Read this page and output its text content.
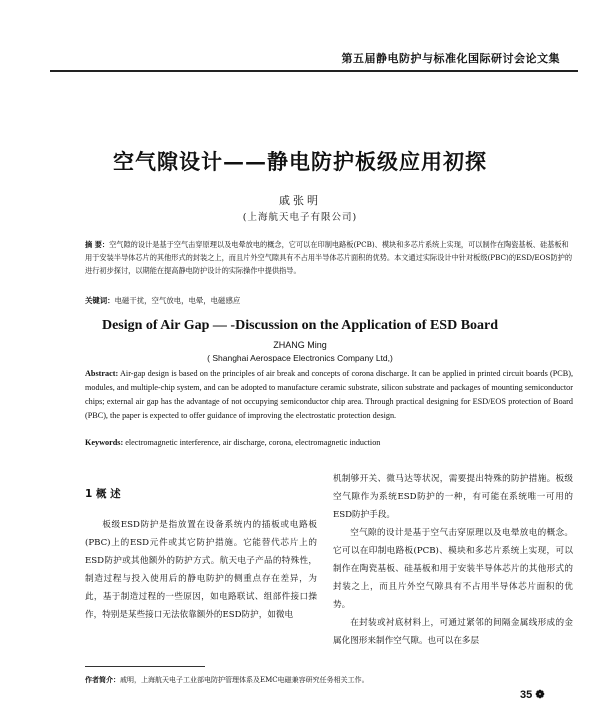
第五届静电防护与标准化国际研讨会论文集
空气隙设计——静电防护板级应用初探
戚张明
(上海航天电子有限公司)
摘 要：空气隙的设计是基于空气击穿原理以及电晕放电的概念，它可以在印制电路板(PCB)、模块和多芯片系统上实现，可以制作在陶瓷基板、硅基板和用于安装半导体芯片的其他形式的封装之上，而且片外空气隙具有不占用半导体芯片面积的优势。本文通过实际设计中针对板级(PBC)的ESD/EOS防护的进行初步探讨，以期能在提高静电防护设计的实际操作中提供指导。
关键词：电磁干扰，空气放电，电晕，电磁感应
Design of Air Gap — -Discussion on the Application of ESD Board
ZHANG Ming
( Shanghai Aerospace Electronics Company Ltd,)
Abstract: Air-gap design is based on the principles of air break and concepts of corona discharge. It can be applied in printed circuit boards (PCB), modules, and multiple-chip system, and can be adopted to manufacture ceramic substrate, silicon substrate and packages of mounting semiconductor chips; external air gap has the advantage of not occupying semiconductor chip area. Through practical designing for ESD/EOS protection of Board (PBC), the paper is expected to offer guidance of improving the electrostatic protection design.
Keywords: electromagnetic interference, air discharge, corona, electromagnetic induction
1 概 述

板级ESD防护是指放置在设备系统内的插板或电路板(PBC)上的ESD元件或其它防护措施。它能替代芯片上的ESD防护或其他额外的防护方式。航天电子产品的特殊性，制造过程与投入使用后的静电防护的侧重点存在差异，为此，基于制造过程的一些原因，如电路联试、组部件接口操作，特别是某些接口无法依靠额外的ESD防护，如微电

机制够开关、微马达等状况，需要提出特殊的防护措施。板级空气隙作为系统ESD防护的一种，有可能在系统唯一可用的ESD防护手段。

空气隙的设计是基于空气击穿原理以及电晕放电的概念。它可以在印制电路板(PCB)、模块和多芯片系统上实现，可以制作在陶瓷基板、硅基板和用于安装半导体芯片的其他形式的封装之上，而且片外空气隙具有不占用半导体芯片面积的优势。

在封装或衬底材料上，可通过紧邻的间隔金属线形成的金属化图形来制作空气隙。也可以在多层

作者简介：戚明，上海航天电子工业部电防护管理体系及EMC电磁兼容研究任务相关工作。
35 ❁
